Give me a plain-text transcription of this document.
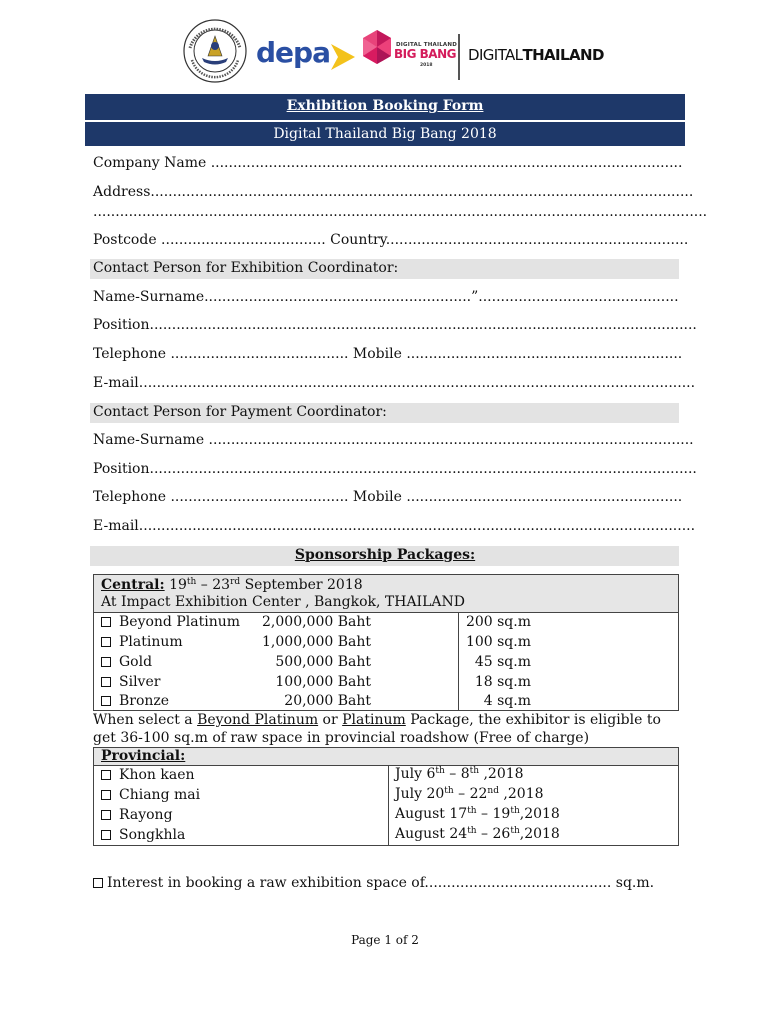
depa	DIGITAL THAILAND
BIG BANG
2018
DIGITALTHAILAND
Exhibition Booking Form
Digital Thailand Big Bang 2018
Company Name ..........................................................................................................
Address..........................................................................................................................
..........................................................................................................................................
Postcode ..................................... Country....................................................................
Contact Person for Exhibition Coordinator:
Name-Surname............................................................”.............................................
Position...........................................................................................................................
Telephone ........................................ Mobile ..............................................................
E-mail.............................................................................................................................
Contact Person for Payment Coordinator:
Name-Surname .............................................................................................................
Position...........................................................................................................................
Telephone ........................................ Mobile ..............................................................
E-mail.............................................................................................................................
Sponsorship Packages:
Central: 19th – 23rd September 2018
At Impact Exhibition Center , Bangkok, THAILAND
Beyond Platinum	2,000,000 Baht	200 sq.m
Platinum	1,000,000 Baht	100 sq.m
Gold	500,000 Baht	45 sq.m
Silver	100,000 Baht	18 sq.m
Bronze	20,000 Baht	4 sq.m
When select a Beyond Platinum or Platinum Package, the exhibitor is eligible to
get 36-100 sq.m of raw space in provincial roadshow (Free of charge)
Provincial:
Khon kaen	July 6th – 8th ,2018
Chiang mai	July 20th – 22nd ,2018
Rayong	August 17th – 19th,2018
Songkhla	August 24th – 26th,2018
Interest in booking a raw exhibition space of.......................................... sq.m.
Page 1 of 2
